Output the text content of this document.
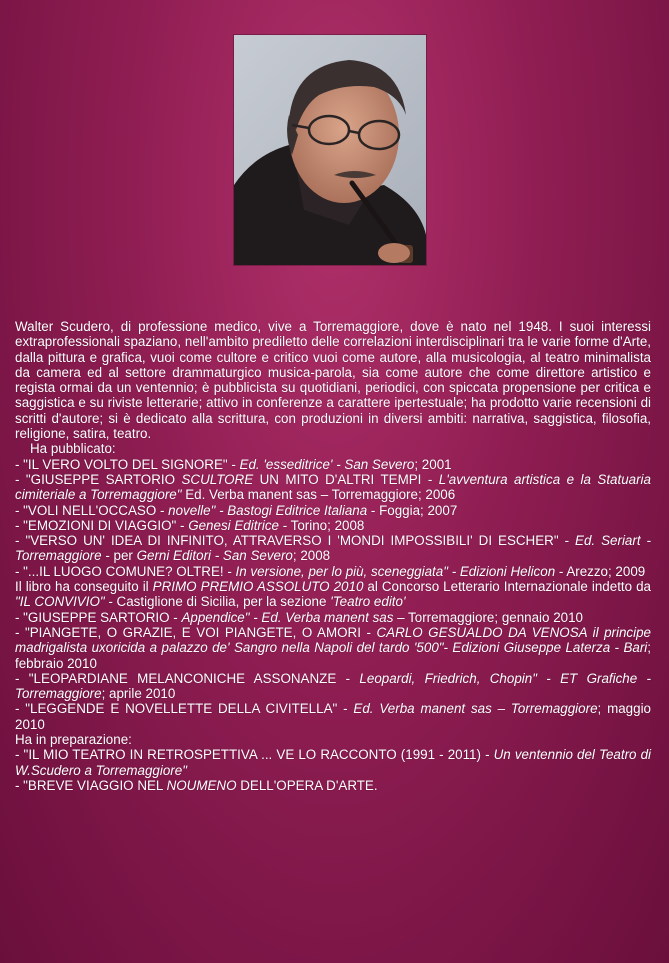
Walter Scudero, di professione medico, vive a Torremaggiore, dove è nato nel 1948. I suoi interessi extraprofessionali spaziano, nell'ambito prediletto delle correlazioni interdisciplinari tra le varie forme d'Arte, dalla pittura e grafica, vuoi come cultore e critico vuoi come autore, alla musicologia, al teatro minimalista da camera ed al settore drammaturgico musica-parola, sia come autore che come direttore artistico e regista ormai da un ventennio; è pubblicista su quotidiani, periodici, con spiccata propensione per critica e saggistica e su riviste letterarie; attivo in conferenze a carattere ipertestuale; ha prodotto varie recensioni di scritti d'autore; si è dedicato alla scrittura, con produzioni in diversi ambiti: narrativa, saggistica, filosofia, religione, satira, teatro.

Ha pubblicato:

- "IL VERO VOLTO DEL SIGNORE" - Ed. 'esseditrice' - San Severo; 2001

- "GIUSEPPE SARTORIO SCULTORE UN MITO D'ALTRI TEMPI - L'avventura artistica e la Statuaria cimiteriale a Torremaggiore" Ed. Verba manent sas – Torremaggiore; 2006

- "VOLI NELL'OCCASO - novelle" - Bastogi Editrice Italiana - Foggia; 2007

- "EMOZIONI DI VIAGGIO" - Genesi Editrice - Torino; 2008

- "VERSO UN' IDEA DI INFINITO, ATTRAVERSO I 'MONDI IMPOSSIBILI' DI ESCHER" - Ed. Seriart - Torremaggiore - per Gerni Editori - San Severo; 2008

- "...IL LUOGO COMUNE? OLTRE! - In versione, per lo più, sceneggiata" - Edizioni Helicon - Arezzo; 2009

Il libro ha conseguito il PRIMO PREMIO ASSOLUTO 2010 al Concorso Letterario Internazionale indetto da "IL CONVIVIO" - Castiglione di Sicilia, per la sezione 'Teatro edito'

- "GIUSEPPE SARTORIO - Appendice" - Ed. Verba manent sas – Torremaggiore; gennaio 2010

- "PIANGETE, O GRAZIE, E VOI PIANGETE, O AMORI - CARLO GESUALDO DA VENOSA il principe madrigalista uxoricida a palazzo de' Sangro nella Napoli del tardo '500"- Edizioni Giuseppe Laterza - Bari; febbraio 2010

- "LEOPARDIANE MELANCONICHE ASSONANZE - Leopardi, Friedrich, Chopin" - ET Grafiche - Torremaggiore; aprile 2010

- "LEGGENDE E NOVELLETTE DELLA CIVITELLA" - Ed. Verba manent sas – Torremaggiore; maggio 2010

Ha in preparazione:

- "IL MIO TEATRO IN RETROSPETTIVA ... VE LO RACCONTO (1991 - 2011) - Un ventennio del Teatro di W.Scudero a Torremaggiore"

- "BREVE VIAGGIO NEL NOUMENO DELL'OPERA D'ARTE.
